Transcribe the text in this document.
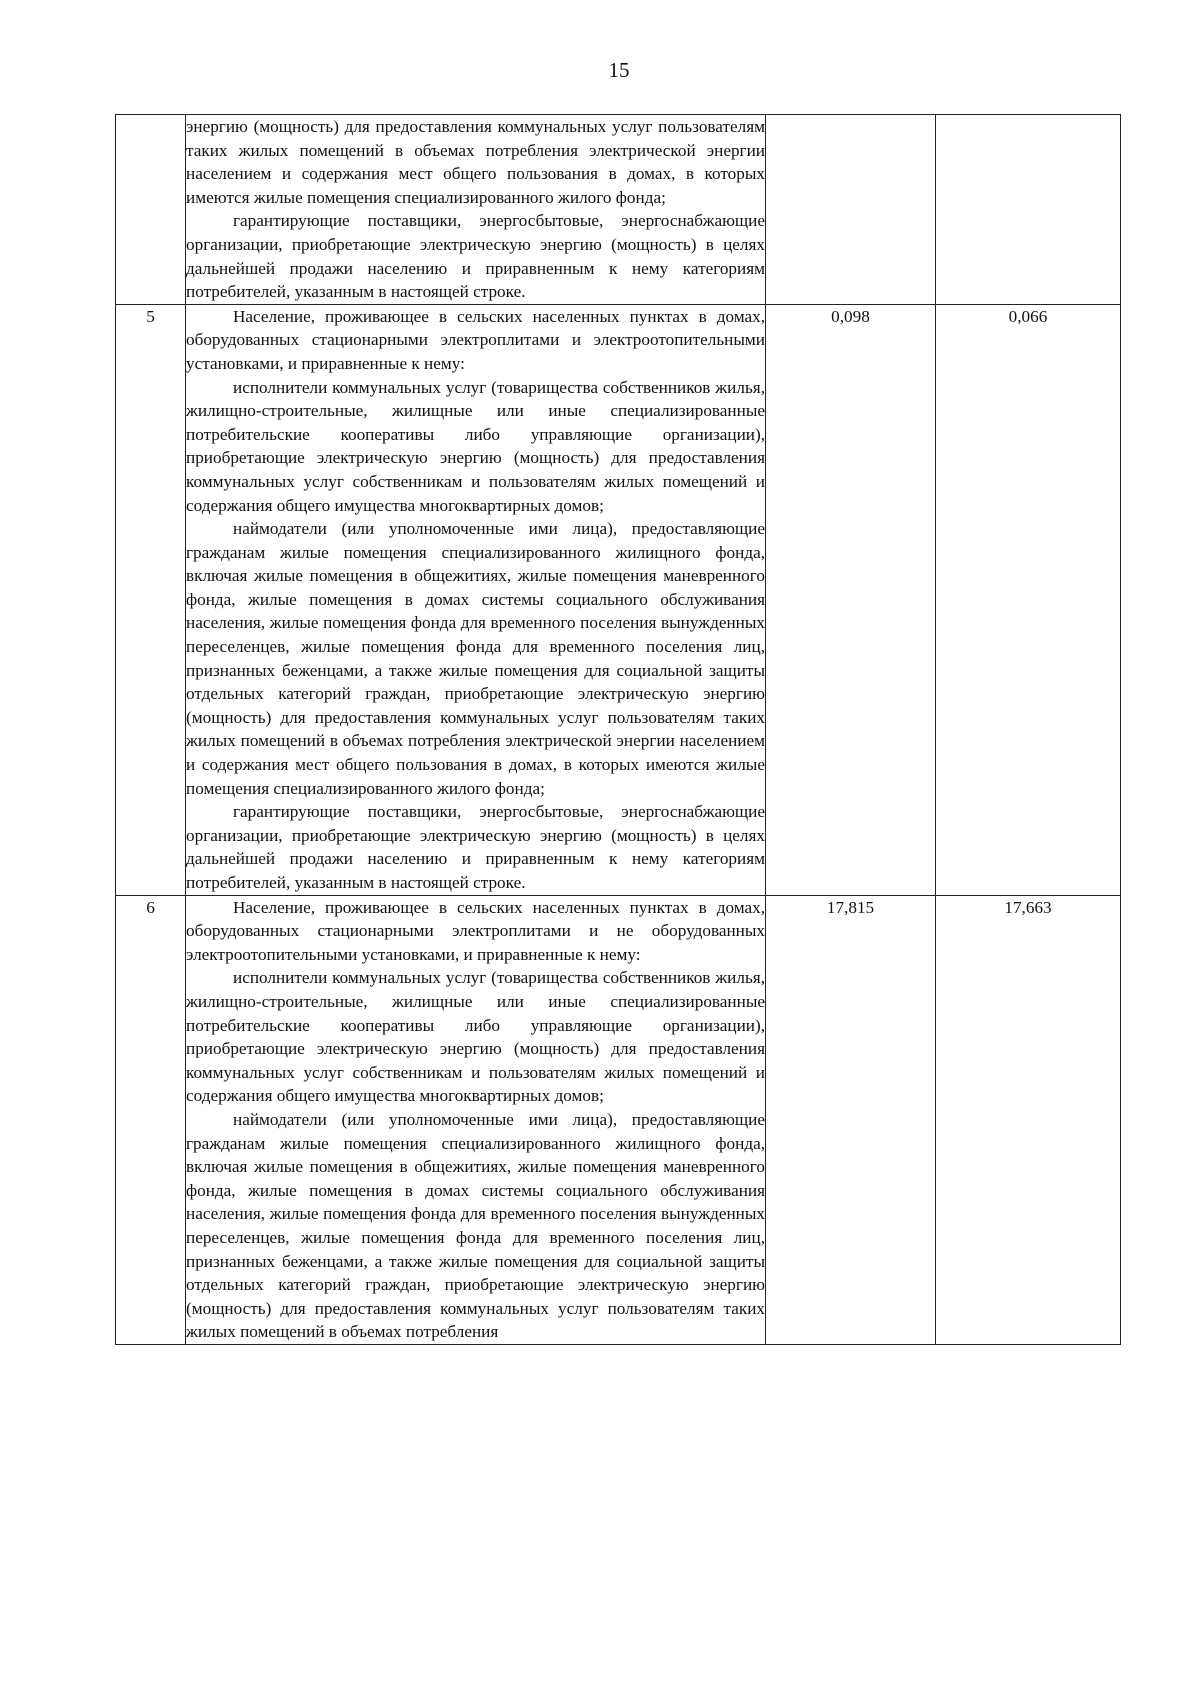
15

	энергию (мощность) для предоставления коммунальных услуг пользователям таких жилых помещений в объемах потребления электрической энергии населением и содержания мест общего пользования в домах, в которых имеются жилые помещения специализированного жилого фонда;

гарантирующие поставщики, энергосбытовые, энергоснабжающие организации, приобретающие электрическую энергию (мощность) в целях дальнейшей продажи населению и приравненным к нему категориям потребителей, указанным в настоящей строке.		

5	Население, проживающее в сельских населенных пунктах в домах, оборудованных стационарными электроплитами и электроотопительными установками, и приравненные к нему:

исполнители коммунальных услуг (товарищества собственников жилья, жилищно-строительные, жилищные или иные специализированные потребительские кооперативы либо управляющие организации), приобретающие электрическую энергию (мощность) для предоставления коммунальных услуг собственникам и пользователям жилых помещений и содержания общего имущества многоквартирных домов;

наймодатели (или уполномоченные ими лица), предоставляющие гражданам жилые помещения специализированного жилищного фонда, включая жилые помещения в общежитиях, жилые помещения маневренного фонда, жилые помещения в домах системы социального обслуживания населения, жилые помещения фонда для временного поселения вынужденных переселенцев, жилые помещения фонда для временного поселения лиц, признанных беженцами, а также жилые помещения для социальной защиты отдельных категорий граждан, приобретающие электрическую энергию (мощность) для предоставления коммунальных услуг пользователям таких жилых помещений в объемах потребления электрической энергии населением и содержания мест общего пользования в домах, в которых имеются жилые помещения специализированного жилого фонда;

гарантирующие поставщики, энергосбытовые, энергоснабжающие организации, приобретающие электрическую энергию (мощность) в целях дальнейшей продажи населению и приравненным к нему категориям потребителей, указанным в настоящей строке.	0,098	0,066
6	Население, проживающее в сельских населенных пунктах в домах, оборудованных стационарными электроплитами и не оборудованных электроотопительными установками, и приравненные к нему:

исполнители коммунальных услуг (товарищества собственников жилья, жилищно-строительные, жилищные или иные специализированные потребительские кооперативы либо управляющие организации), приобретающие электрическую энергию (мощность) для предоставления коммунальных услуг собственникам и пользователям жилых помещений и содержания общего имущества многоквартирных домов;

наймодатели (или уполномоченные ими лица), предоставляющие гражданам жилые помещения специализированного жилищного фонда, включая жилые помещения в общежитиях, жилые помещения маневренного фонда, жилые помещения в домах системы социального обслуживания населения, жилые помещения фонда для временного поселения вынужденных переселенцев, жилые помещения фонда для временного поселения лиц, признанных беженцами, а также жилые помещения для социальной защиты отдельных категорий граждан, приобретающие электрическую энергию (мощность) для предоставления коммунальных услуг пользователям таких жилых помещений в объемах потребления	17,815	17,663
